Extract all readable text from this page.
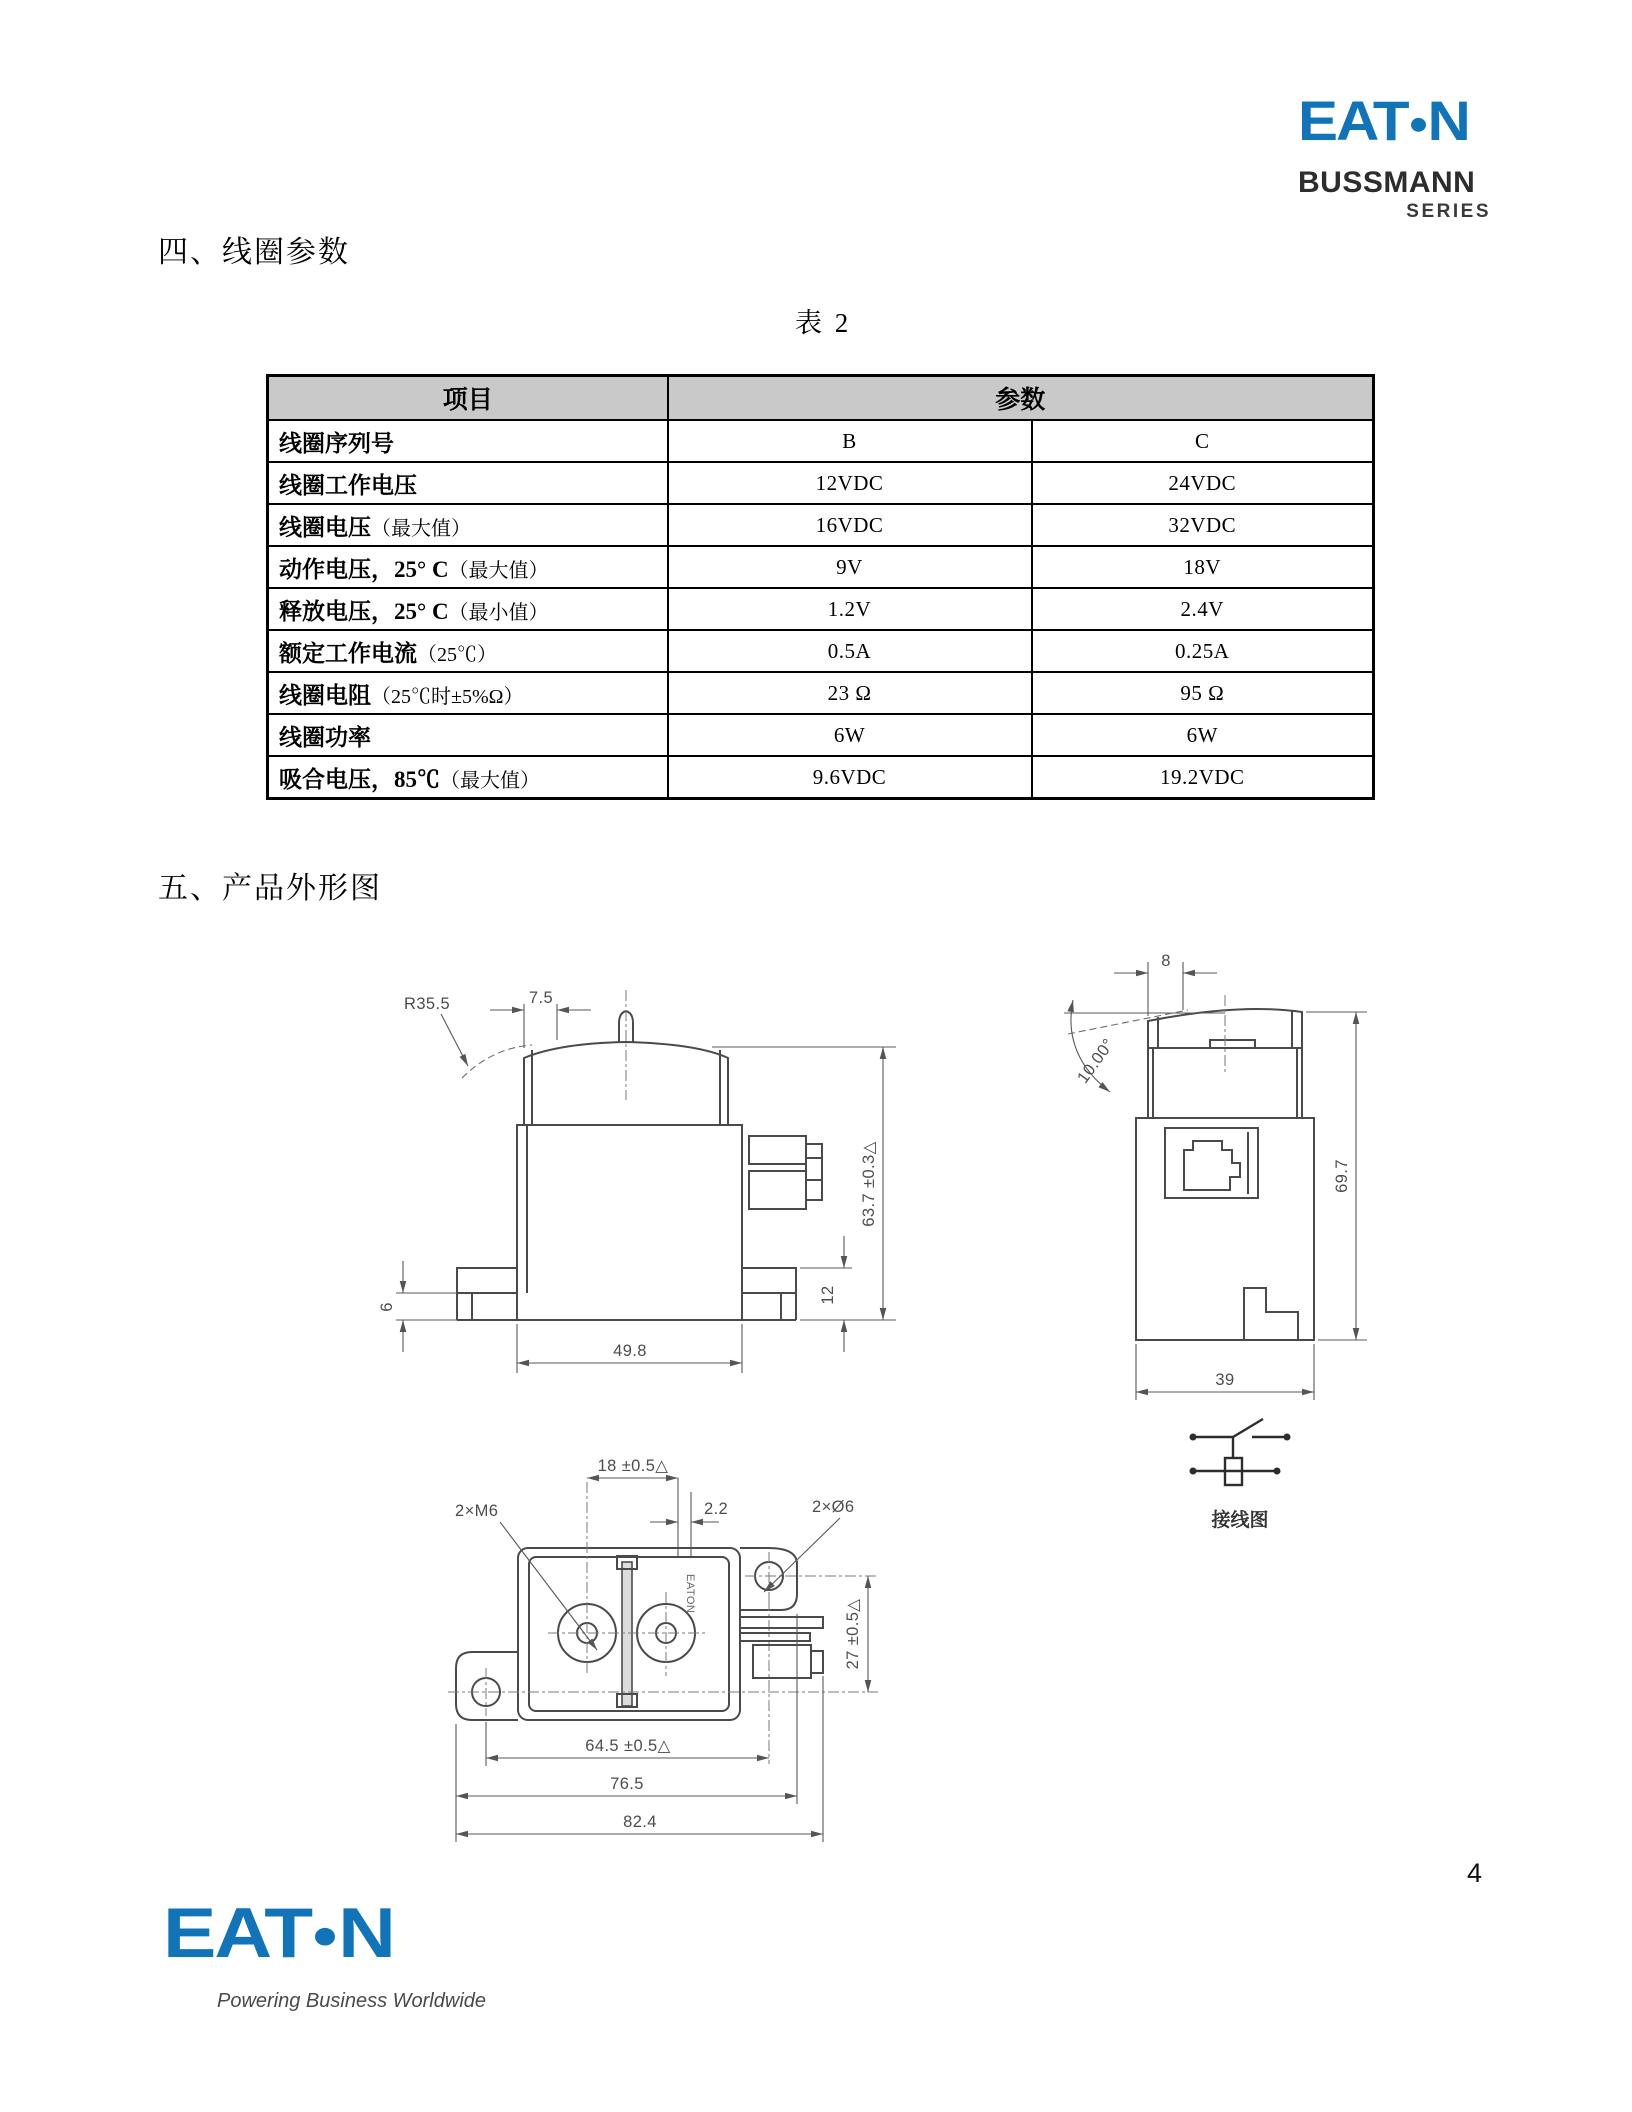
EAT N
BUSSMANN
SERIES
四、线圈参数
表 2
项目	参数	
线圈序列号	B	C
线圈工作电压	12VDC	24VDC
线圈电压（最大值）	16VDC	32VDC
动作电压，25° C（最大值）	9V	18V
释放电压，25° C（最小值）	1.2V	2.4V
额定工作电流（25℃）	0.5A	0.25A
线圈电阻（25℃时±5%Ω）	23 Ω	95 Ω
线圈功率	6W	6W
吸合电压，85℃（最大值）	9.6VDC	19.2VDC
五、产品外形图
R35.5	7.5
63.7 ±0.3△
6
12
49.8
8
10.00°
69.7
39
EATON
18 ±0.5△
2.2
2×M6	2×Ø6
27 ±0.5△
64.5 ±0.5△
76.5
82.4
接线图
4
EAT N
Powering Business Worldwide
